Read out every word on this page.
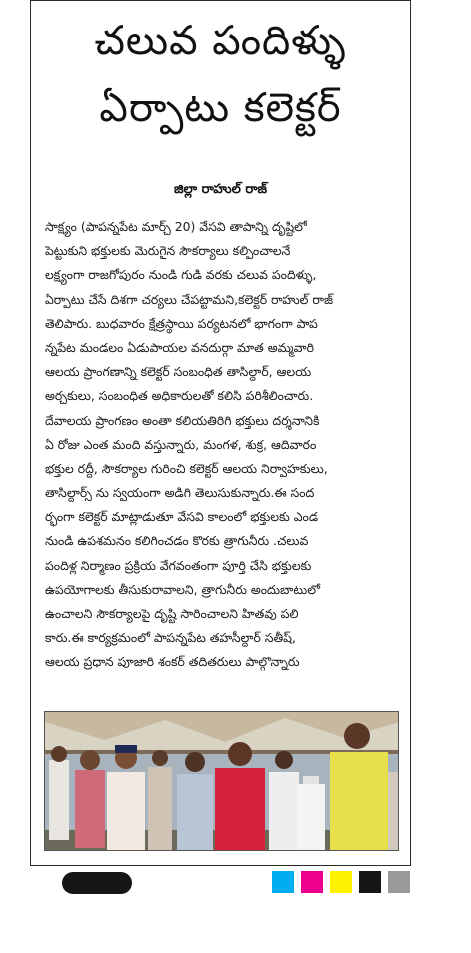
చలువ పందిళ్ళు
ఏర్పాటు కలెక్టర్
జిల్లా రాహుల్ రాజ్
సాక్ష్యం (పాపన్నపేట మార్చ్ 20) వేసవి తాపాన్ని దృష్టిలో
పెట్టుకుని భక్తులకు మెరుగైన సౌకర్యాలు కల్పించాలనే
లక్ష్యంగా రాజగోపురం నుండి గుడి వరకు చలువ పందిళ్ళు,
ఏర్పాటు చేసే దిశగా చర్యలు చేపట్టామని,కలెక్టర్ రాహుల్ రాజ్
తెలిపారు. బుధవారం క్షేత్రస్థాయి పర్యటనలో భాగంగా పాప
న్నపేట మండలం ఏడుపాయల వనదుర్గా మాత అమ్మవారి
ఆలయ ప్రాంగణాన్ని కలెక్టర్ సంబంధిత తాసిల్దార్, ఆలయ
అర్చకులు, సంబంధిత అధికారులతో కలిసి పరిశీలించారు.
దేవాలయ ప్రాంగణం అంతా కలియతిరిగి భక్తులు దర్శనానికి
ఏ రోజు ఎంత మంది వస్తున్నారు, మంగళ, శుక్ర, ఆదివారం
భక్తుల రద్దీ, సౌకర్యాల గురించి కలెక్టర్ ఆలయ నిర్వాహకులు,
తాసిల్దార్స్ ను స్వయంగా అడిగి తెలుసుకున్నారు.ఈ సంద
ర్భంగా కలెక్టర్ మాట్లాడుతూ వేసవి కాలంలో భక్తులకు ఎండ
నుండి ఉపశమనం కలిగించడం కొరకు త్రాగునీరు .చలువ
పందిళ్ల నిర్మాణం ప్రక్రియ వేగవంతంగా పూర్తి చేసి భక్తులకు
ఉపయోగాలకు తీసుకురావాలని, త్రాగునీరు అందుబాటులో
ఉంచాలని సౌకర్యాలపై దృష్టి సారించాలని హితవు పలి
కారు.ఈ కార్యక్రమంలో పాపన్నపేట తహసీల్దార్ సతీష్,
ఆలయ ప్రధాన పూజారి శంకర్ తదితరులు పాల్గొన్నారు
